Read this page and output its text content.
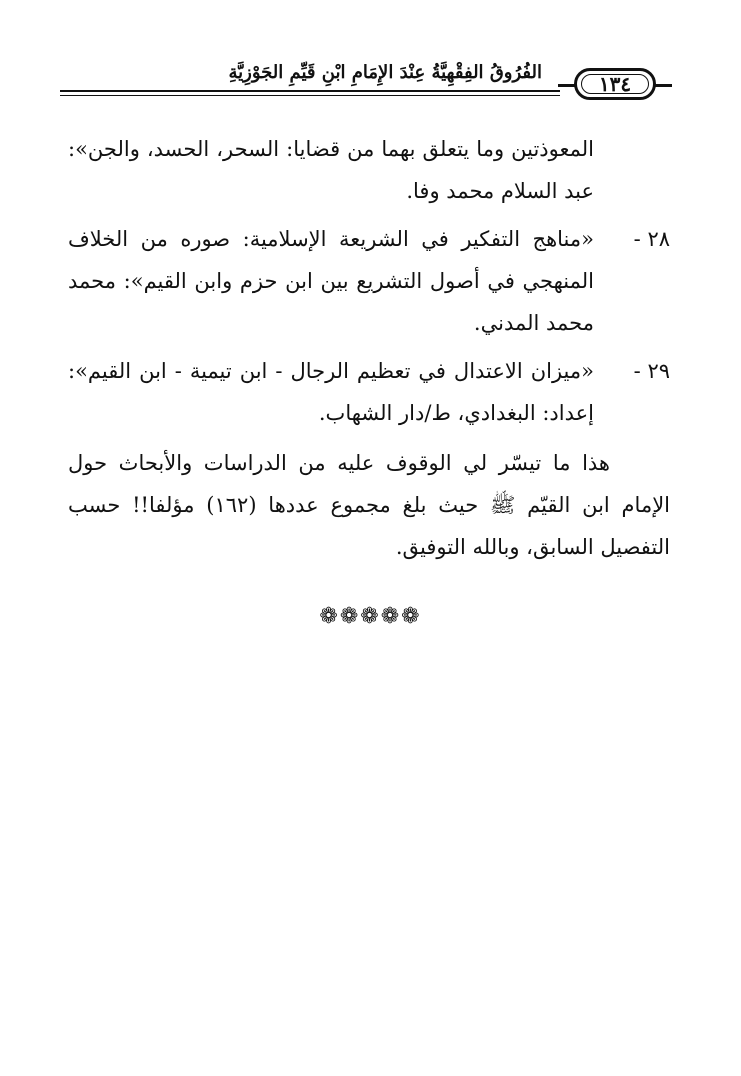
الفُرُوقُ الفِقْهِيَّةُ عِنْدَ الإِمَامِ ابْنِ قَيِّمِ الجَوْزِيَّةِ	١٣٤

المعوذتين وما يتعلق بهما من قضايا: السحر، الحسد، والجن»: عبد السلام محمد وفا.

٢٨ -
«مناهج التفكير في الشريعة الإسلامية: صوره من الخلاف المنهجي في أصول التشريع بين ابن حزم وابن القيم»: محمد محمد المدني.

٢٩ -
«ميزان الاعتدال في تعظيم الرجال - ابن تيمية - ابن القيم»: إعداد: البغدادي، ط/دار الشهاب.

هذا ما تيسّر لي الوقوف عليه من الدراسات والأبحاث حول الإمام ابن القيّم ﷺ حيث بلغ مجموع عددها (١٦٢) مؤلفا!! حسب التفصيل السابق، وبالله التوفيق.

❁❁❁❁❁
